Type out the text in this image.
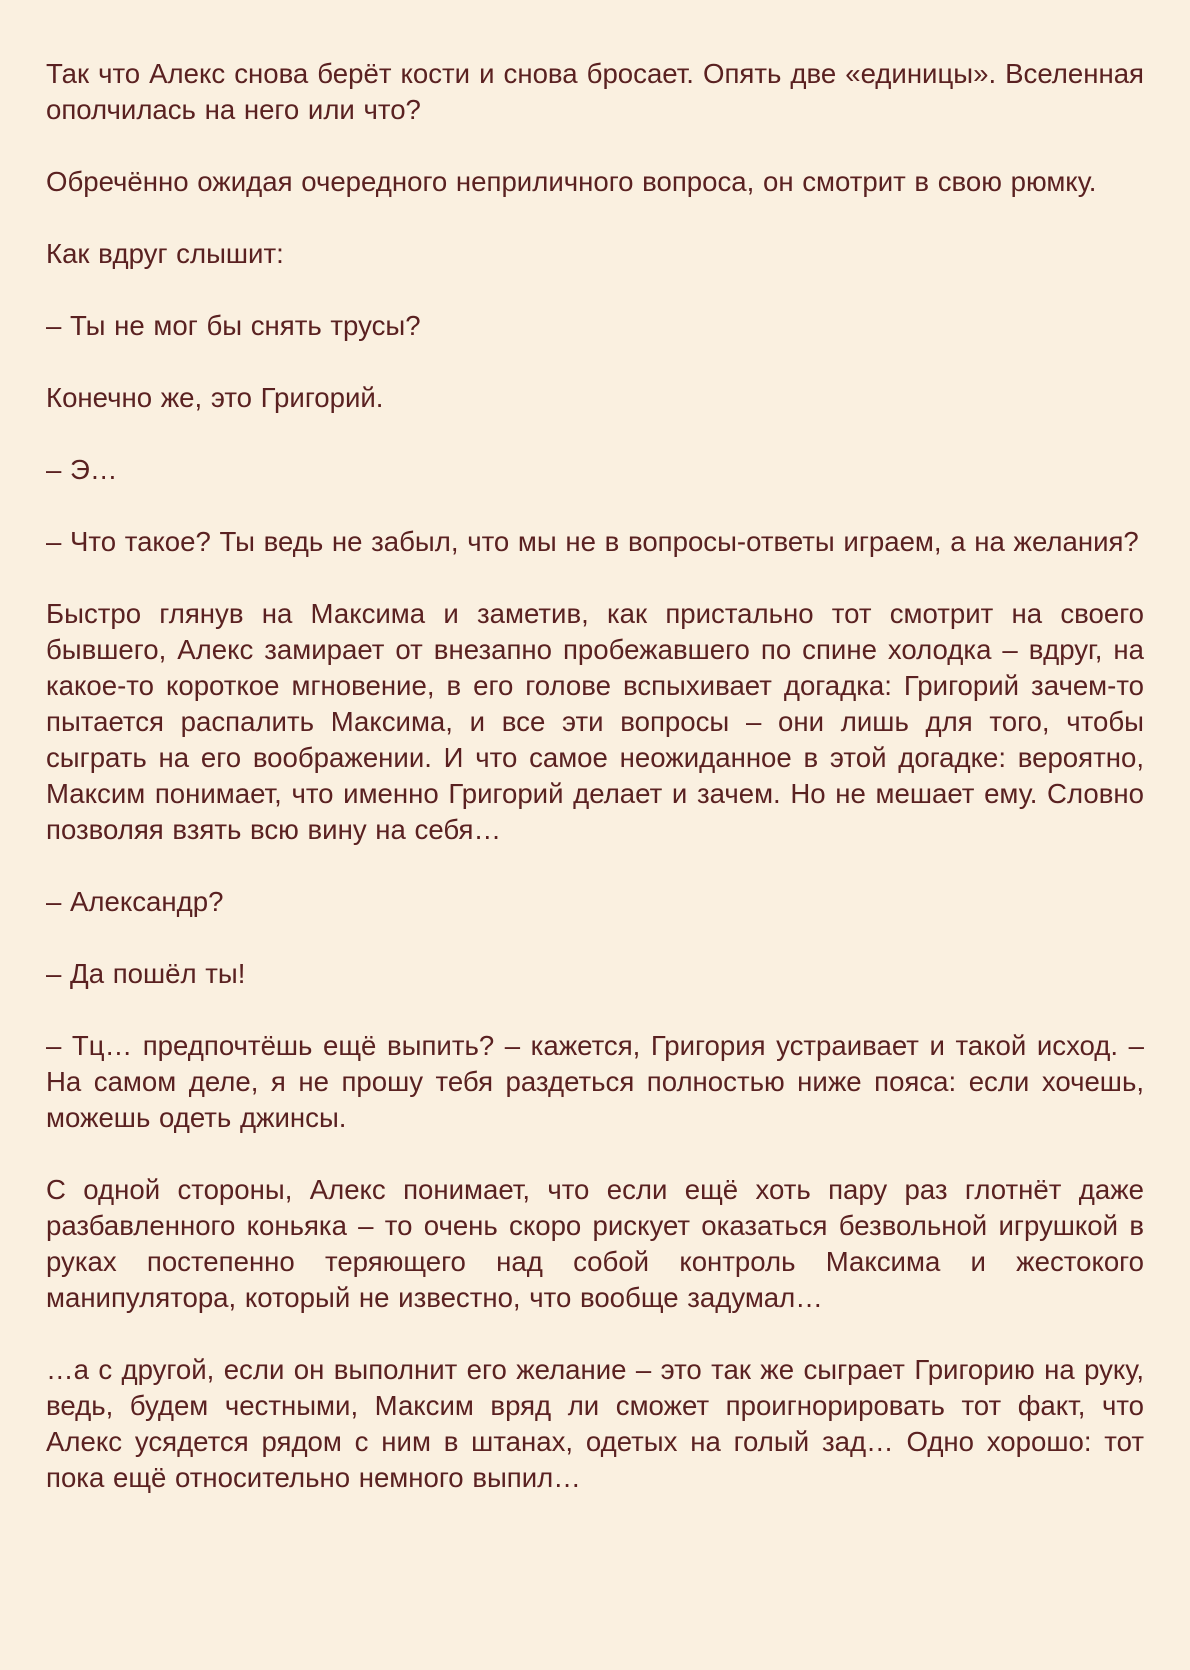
Так что Алекс снова берёт кости и снова бросает. Опять две «единицы». Вселенная ополчилась на него или что?

Обречённо ожидая очередного неприличного вопроса, он смотрит в свою рюмку.

Как вдруг слышит:

– Ты не мог бы снять трусы?

Конечно же, это Григорий.

– Э…

– Что такое? Ты ведь не забыл, что мы не в вопросы-ответы играем, а на желания?

Быстро глянув на Максима и заметив, как пристально тот смотрит на своего бывшего, Алекс замирает от внезапно пробежавшего по спине холодка – вдруг, на какое-то короткое мгновение, в его голове вспыхивает догадка: Григорий зачем-то пытается распалить Максима, и все эти вопросы – они лишь для того, чтобы сыграть на его воображении. И что самое неожиданное в этой догадке: вероятно, Максим понимает, что именно Григорий делает и зачем. Но не мешает ему. Словно позволяя взять всю вину на себя…

– Александр?

– Да пошёл ты!

– Тц… предпочтёшь ещё выпить? – кажется, Григория устраивает и такой исход. – На самом деле, я не прошу тебя раздеться полностью ниже пояса: если хочешь, можешь одеть джинсы.

С одной стороны, Алекс понимает, что если ещё хоть пару раз глотнёт даже разбавленного коньяка – то очень скоро рискует оказаться безвольной игрушкой в руках постепенно теряющего над собой контроль Максима и жестокого манипулятора, который не известно, что вообще задумал…

…а с другой, если он выполнит его желание – это так же сыграет Григорию на руку, ведь, будем честными, Максим вряд ли сможет проигнорировать тот факт, что Алекс усядется рядом с ним в штанах, одетых на голый зад… Одно хорошо: тот пока ещё относительно немного выпил…
